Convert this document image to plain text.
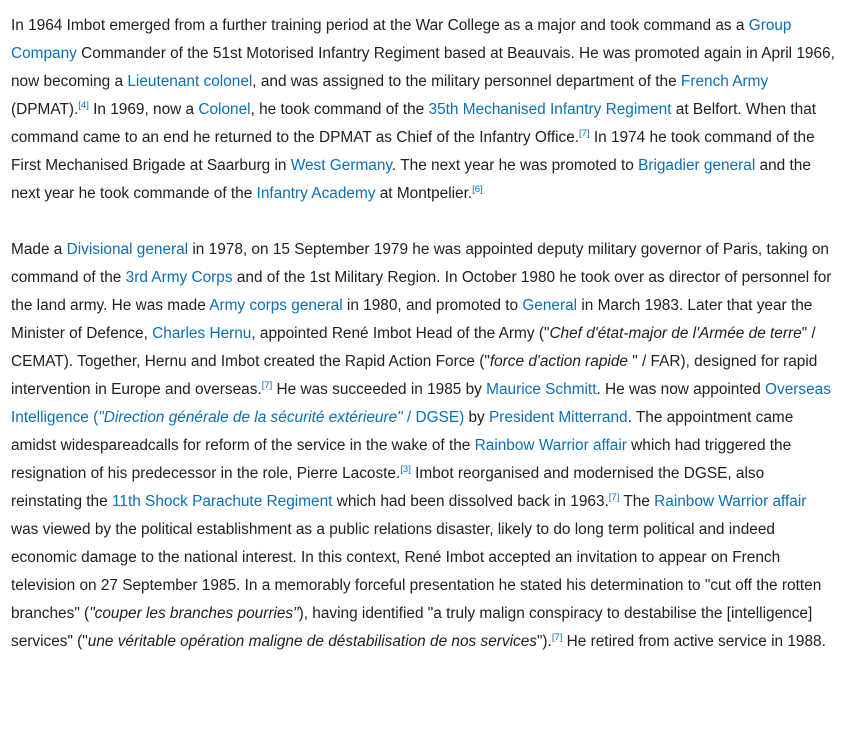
In 1964 Imbot emerged from a further training period at the War College as a major and took command as a Group Company Commander of the 51st Motorised Infantry Regiment based at Beauvais. He was promoted again in April 1966, now becoming a Lieutenant colonel, and was assigned to the military personnel department of the French Army (DPMAT).[4] In 1969, now a Colonel, he took command of the 35th Mechanised Infantry Regiment at Belfort. When that command came to an end he returned to the DPMAT as Chief of the Infantry Office.[7] In 1974 he took command of the First Mechanised Brigade at Saarburg in West Germany. The next year he was promoted to Brigadier general and the next year he took commande of the Infantry Academy at Montpelier.[6]

Made a Divisional general in 1978, on 15 September 1979 he was appointed deputy military governor of Paris, taking on command of the 3rd Army Corps and of the 1st Military Region. In October 1980 he took over as director of personnel for the land army. He was made Army corps general in 1980, and promoted to General in March 1983. Later that year the Minister of Defence, Charles Hernu, appointed René Imbot Head of the Army ("Chef d'état-major de l'Armée de terre" / CEMAT). Together, Hernu and Imbot created the Rapid Action Force ("force d'action rapide " / FAR), designed for rapid intervention in Europe and overseas.[7] He was succeeded in 1985 by Maurice Schmitt. He was now appointed Overseas Intelligence ("Direction générale de la sécurité extérieure" / DGSE) by President Mitterrand. The appointment came amidst widespareadcalls for reform of the service in the wake of the Rainbow Warrior affair which had triggered the resignation of his predecessor in the role, Pierre Lacoste.[3] Imbot reorganised and modernised the DGSE, also reinstating the 11th Shock Parachute Regiment which had been dissolved back in 1963.[7] The Rainbow Warrior affair was viewed by the political establishment as a public relations disaster, likely to do long term political and indeed economic damage to the national interest. In this context, René Imbot accepted an invitation to appear on French television on 27 September 1985. In a memorably forceful presentation he stated his determination to "cut off the rotten branches" ("couper les branches pourries"), having identified "a truly malign conspiracy to destabilise the [intelligence] services" ("une véritable opération maligne de déstabilisation de nos services").[7] He retired from active service in 1988.
